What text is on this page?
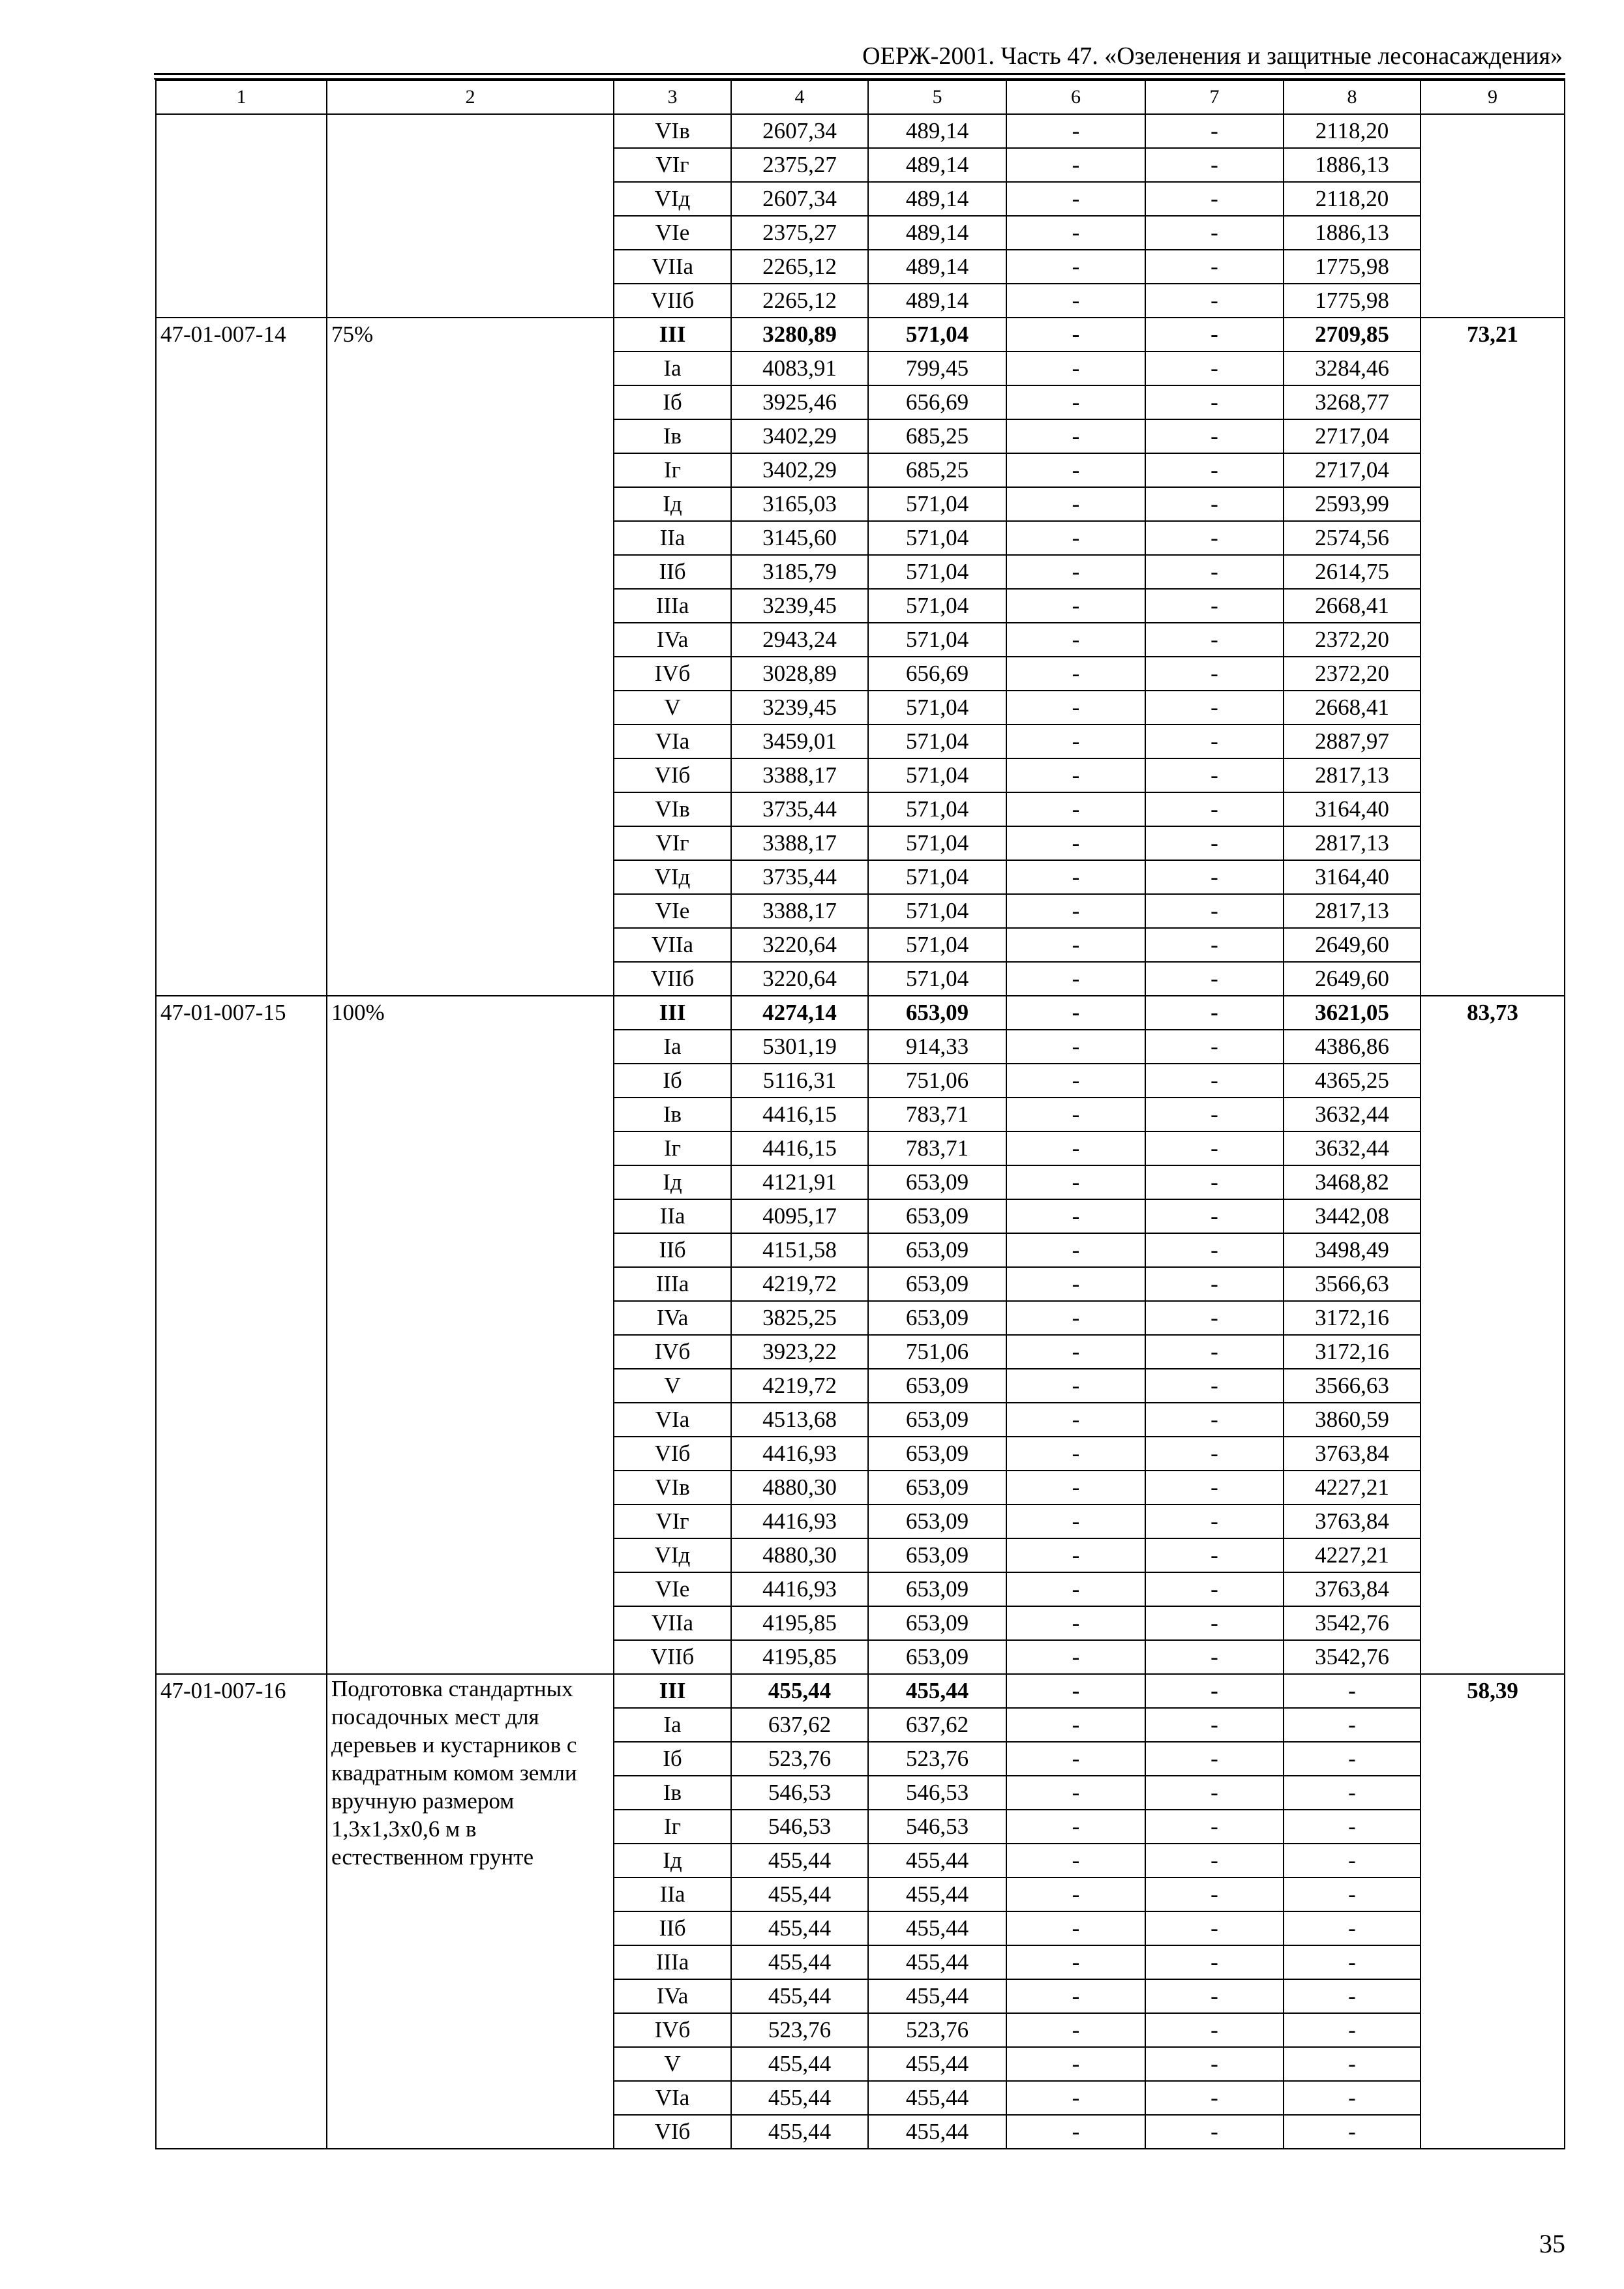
ОЕРЖ-2001. Часть 47. «Озеленения и защитные лесонасаждения»
1	2	3	4	5	6	7	8	9
		VIв	2607,34	489,14	-	-	2118,20	
		VIг	2375,27	489,14	-	-	1886,13	
		VIд	2607,34	489,14	-	-	2118,20	
		VIe	2375,27	489,14	-	-	1886,13	
		VIIa	2265,12	489,14	-	-	1775,98	
		VIIб	2265,12	489,14	-	-	1775,98	
47-01-007-14	75%	III	3280,89	571,04	-	-	2709,85	73,21
		Ia	4083,91	799,45	-	-	3284,46	
		Iб	3925,46	656,69	-	-	3268,77	
		Iв	3402,29	685,25	-	-	2717,04	
		Iг	3402,29	685,25	-	-	2717,04	
		Iд	3165,03	571,04	-	-	2593,99	
		IIa	3145,60	571,04	-	-	2574,56	
		IIб	3185,79	571,04	-	-	2614,75	
		IIIa	3239,45	571,04	-	-	2668,41	
		IVa	2943,24	571,04	-	-	2372,20	
		IVб	3028,89	656,69	-	-	2372,20	
		V	3239,45	571,04	-	-	2668,41	
		VIa	3459,01	571,04	-	-	2887,97	
		VIб	3388,17	571,04	-	-	2817,13	
		VIв	3735,44	571,04	-	-	3164,40	
		VIг	3388,17	571,04	-	-	2817,13	
		VIд	3735,44	571,04	-	-	3164,40	
		VIe	3388,17	571,04	-	-	2817,13	
		VIIa	3220,64	571,04	-	-	2649,60	
		VIIб	3220,64	571,04	-	-	2649,60	
47-01-007-15	100%	III	4274,14	653,09	-	-	3621,05	83,73
		Ia	5301,19	914,33	-	-	4386,86	
		Iб	5116,31	751,06	-	-	4365,25	
		Iв	4416,15	783,71	-	-	3632,44	
		Iг	4416,15	783,71	-	-	3632,44	
		Iд	4121,91	653,09	-	-	3468,82	
		IIa	4095,17	653,09	-	-	3442,08	
		IIб	4151,58	653,09	-	-	3498,49	
		IIIa	4219,72	653,09	-	-	3566,63	
		IVa	3825,25	653,09	-	-	3172,16	
		IVб	3923,22	751,06	-	-	3172,16	
		V	4219,72	653,09	-	-	3566,63	
		VIa	4513,68	653,09	-	-	3860,59	
		VIб	4416,93	653,09	-	-	3763,84	
		VIв	4880,30	653,09	-	-	4227,21	
		VIг	4416,93	653,09	-	-	3763,84	
		VIд	4880,30	653,09	-	-	4227,21	
		VIe	4416,93	653,09	-	-	3763,84	
		VIIa	4195,85	653,09	-	-	3542,76	
		VIIб	4195,85	653,09	-	-	3542,76	
47-01-007-16	Подготовка стандартных посадочных мест для деревьев и кустарников с квадратным комом земли вручную размером 1,3x1,3x0,6 м в естественном грунте	III	455,44	455,44	-	-	-	58,39
		Ia	637,62	637,62	-	-	-	
		Iб	523,76	523,76	-	-	-	
		Iв	546,53	546,53	-	-	-	
		Iг	546,53	546,53	-	-	-	
		Iд	455,44	455,44	-	-	-	
		IIa	455,44	455,44	-	-	-	
		IIб	455,44	455,44	-	-	-	
		IIIa	455,44	455,44	-	-	-	
		IVa	455,44	455,44	-	-	-	
		IVб	523,76	523,76	-	-	-	
		V	455,44	455,44	-	-	-	
		VIa	455,44	455,44	-	-	-	
		VIб	455,44	455,44	-	-	-	
35
